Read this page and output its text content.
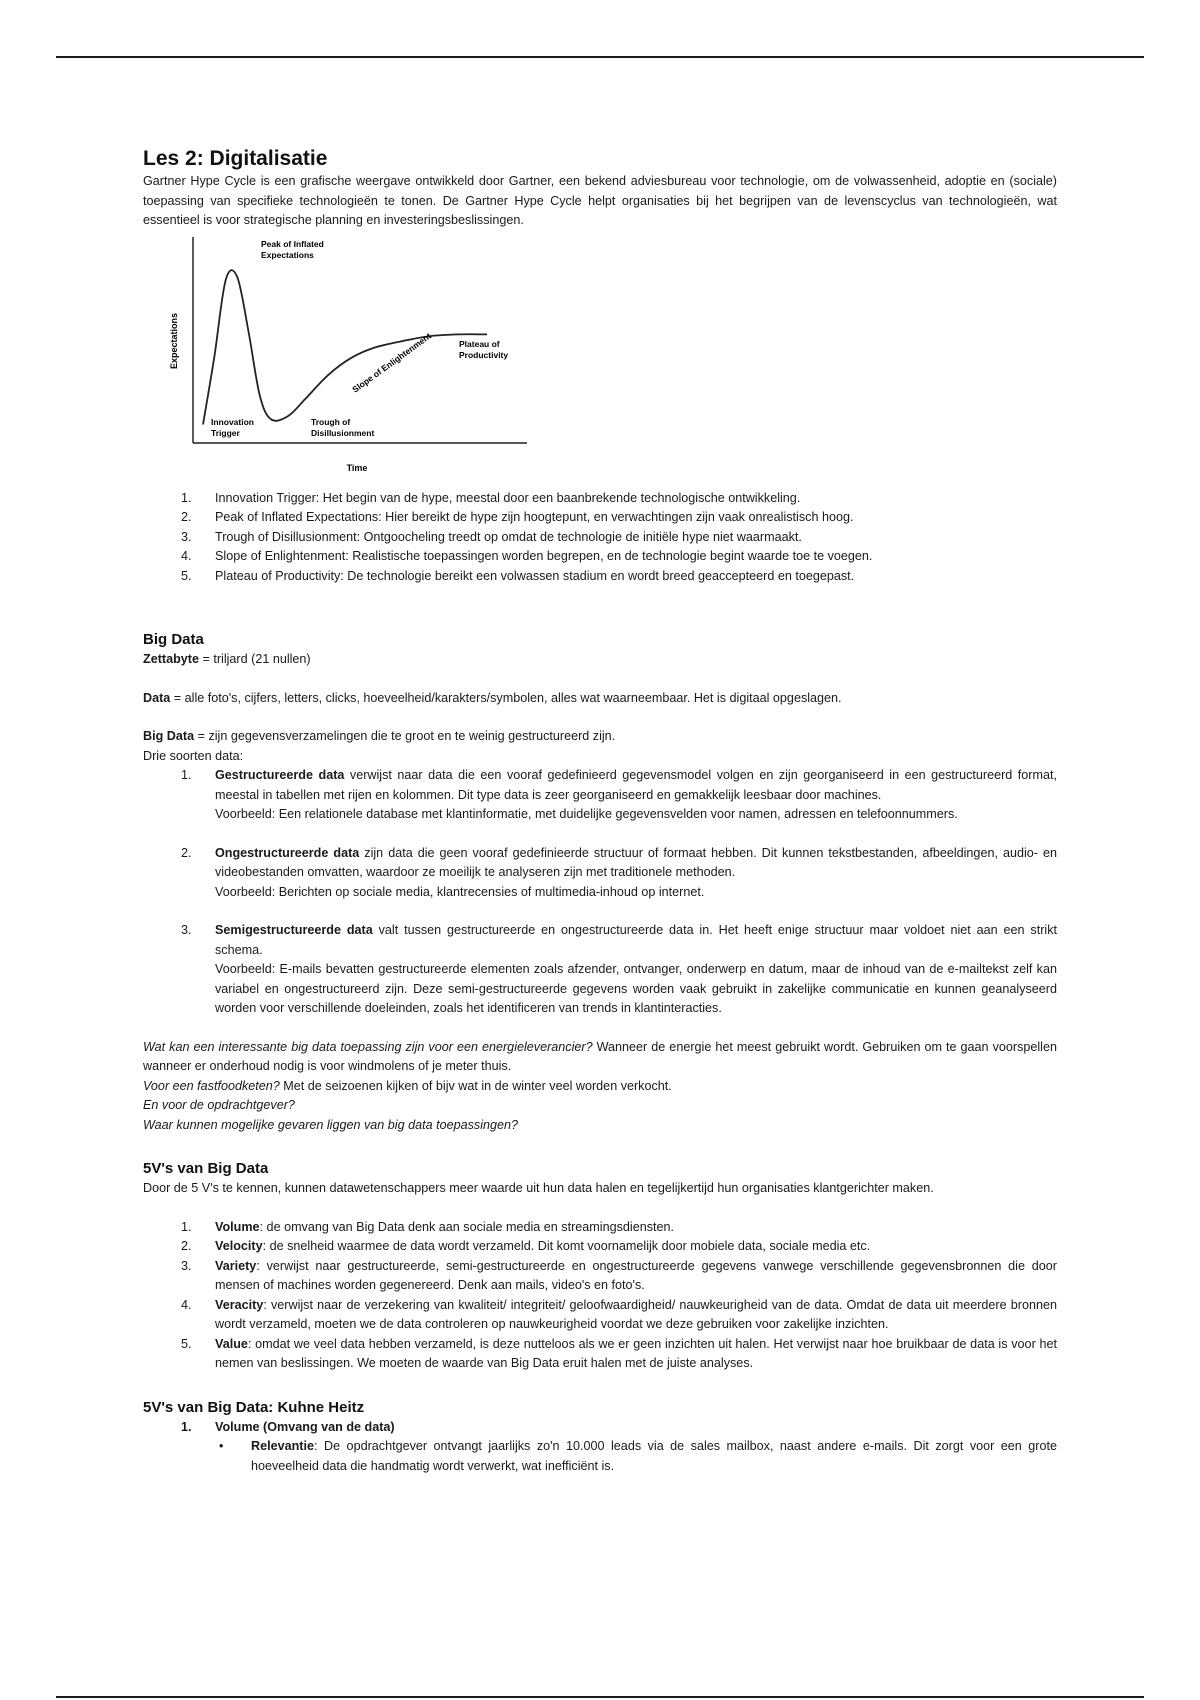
Les 2: Digitalisatie

Gartner Hype Cycle is een grafische weergave ontwikkeld door Gartner, een bekend adviesbureau voor technologie, om de volwassenheid, adoptie en (sociale) toepassing van specifieke technologieën te tonen. De Gartner Hype Cycle helpt organisaties bij het begrijpen van de levenscyclus van technologieën, wat essentieel is voor strategische planning en investeringsbeslissingen.

Expectations
Time
Peak of Inflated
Expectations
Innovation
Trigger
Trough of
Disillusionment
Slope of Enlightenment	Plateau of
Productivity
1. Innovation Trigger: Het begin van de hype, meestal door een baanbrekende technologische ontwikkeling.
2. Peak of Inflated Expectations: Hier bereikt de hype zijn hoogtepunt, en verwachtingen zijn vaak onrealistisch hoog.
3. Trough of Disillusionment: Ontgoocheling treedt op omdat de technologie de initiële hype niet waarmaakt.
4. Slope of Enlightenment: Realistische toepassingen worden begrepen, en de technologie begint waarde toe te voegen.
5. Plateau of Productivity: De technologie bereikt een volwassen stadium en wordt breed geaccepteerd en toegepast.
Big Data

Zettabyte = triljard (21 nullen)

Data = alle foto's, cijfers, letters, clicks, hoeveelheid/karakters/symbolen, alles wat waarneembaar. Het is digitaal opgeslagen.

Big Data = zijn gegevensverzamelingen die te groot en te weinig gestructureerd zijn.

Drie soorten data:

1. Gestructureerde data verwijst naar data die een vooraf gedefinieerd gegevensmodel volgen en zijn georganiseerd in een gestructureerd format, meestal in tabellen met rijen en kolommen. Dit type data is zeer georganiseerd en gemakkelijk leesbaar door machines.

Voorbeeld: Een relationele database met klantinformatie, met duidelijke gegevensvelden voor namen, adressen en telefoonnummers.

2. Ongestructureerde data zijn data die geen vooraf gedefinieerde structuur of formaat hebben. Dit kunnen tekstbestanden, afbeeldingen, audio- en videobestanden omvatten, waardoor ze moeilijk te analyseren zijn met traditionele methoden.

Voorbeeld: Berichten op sociale media, klantrecensies of multimedia-inhoud op internet.

3. Semigestructureerde data valt tussen gestructureerde en ongestructureerde data in. Het heeft enige structuur maar voldoet niet aan een strikt schema.

Voorbeeld: E-mails bevatten gestructureerde elementen zoals afzender, ontvanger, onderwerp en datum, maar de inhoud van de e-mailtekst zelf kan variabel en ongestructureerd zijn. Deze semi-gestructureerde gegevens worden vaak gebruikt in zakelijke communicatie en kunnen geanalyseerd worden voor verschillende doeleinden, zoals het identificeren van trends in klantinteracties.

Wat kan een interessante big data toepassing zijn voor een energieleverancier? Wanneer de energie het meest gebruikt wordt. Gebruiken om te gaan voorspellen wanneer er onderhoud nodig is voor windmolens of je meter thuis.

Voor een fastfoodketen? Met de seizoenen kijken of bijv wat in de winter veel worden verkocht.

En voor de opdrachtgever?

Waar kunnen mogelijke gevaren liggen van big data toepassingen?

5V's van Big Data

Door de 5 V's te kennen, kunnen datawetenschappers meer waarde uit hun data halen en tegelijkertijd hun organisaties klantgerichter maken.

1. Volume: de omvang van Big Data denk aan sociale media en streamingsdiensten.
2. Velocity: de snelheid waarmee de data wordt verzameld. Dit komt voornamelijk door mobiele data, sociale media etc.
3. Variety: verwijst naar gestructureerde, semi-gestructureerde en ongestructureerde gegevens vanwege verschillende gegevensbronnen die door mensen of machines worden gegenereerd. Denk aan mails, video's en foto's.
4. Veracity: verwijst naar de verzekering van kwaliteit/ integriteit/ geloofwaardigheid/ nauwkeurigheid van de data. Omdat de data uit meerdere bronnen wordt verzameld, moeten we de data controleren op nauwkeurigheid voordat we deze gebruiken voor zakelijke inzichten.
5. Value: omdat we veel data hebben verzameld, is deze nutteloos als we er geen inzichten uit halen. Het verwijst naar hoe bruikbaar de data is voor het nemen van beslissingen. We moeten de waarde van Big Data eruit halen met de juiste analyses.
5V's van Big Data: Kuhne Heitz
1. Volume (Omvang van de data)
• Relevantie: De opdrachtgever ontvangt jaarlijks zo'n 10.000 leads via de sales mailbox, naast andere e-mails. Dit zorgt voor een grote hoeveelheid data die handmatig wordt verwerkt, wat inefficiënt is.
